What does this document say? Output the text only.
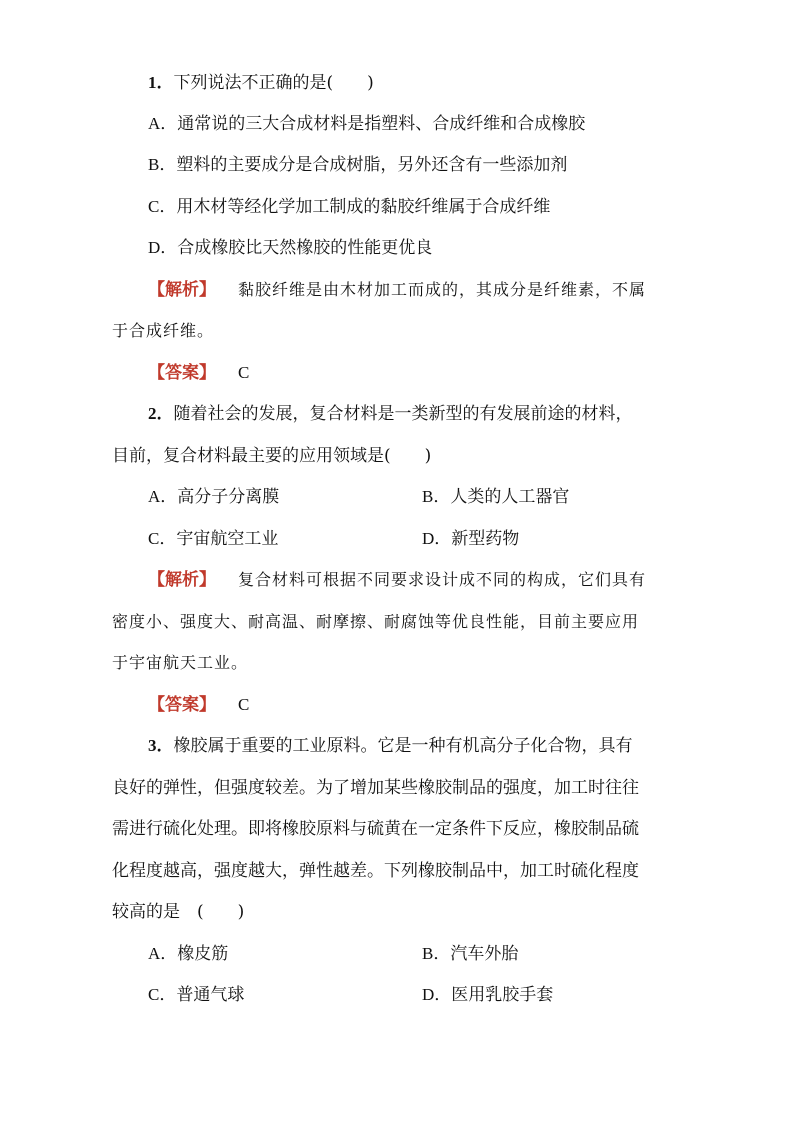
1．下列说法不正确的是(　　)
A．通常说的三大合成材料是指塑料、合成纤维和合成橡胶
B．塑料的主要成分是合成树脂，另外还含有一些添加剂
C．用木材等经化学加工制成的黏胶纤维属于合成纤维
D．合成橡胶比天然橡胶的性能更优良
【解析】 黏胶纤维是由木材加工而成的，其成分是纤维素，不属
于合成纤维。
【答案】 C
2．随着社会的发展，复合材料是一类新型的有发展前途的材料，
目前，复合材料最主要的应用领域是(　　)
A．高分子分离膜	B．人类的人工器官
C．宇宙航空工业	D．新型药物
【解析】 复合材料可根据不同要求设计成不同的构成，它们具有
密度小、强度大、耐高温、耐摩擦、耐腐蚀等优良性能，目前主要应用
于宇宙航天工业。
【答案】 C
3．橡胶属于重要的工业原料。它是一种有机高分子化合物，具有
良好的弹性，但强度较差。为了增加某些橡胶制品的强度，加工时往往
需进行硫化处理。即将橡胶原料与硫黄在一定条件下反应，橡胶制品硫
化程度越高，强度越大，弹性越差。下列橡胶制品中，加工时硫化程度
较高的是　(　　)
A．橡皮筋	B．汽车外胎
C．普通气球	D．医用乳胶手套
